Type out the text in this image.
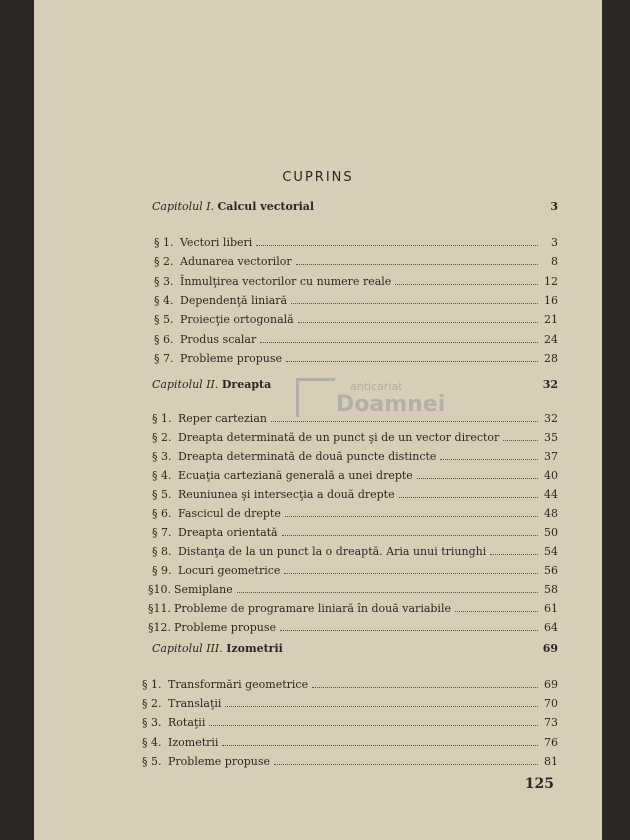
CUPRINS
anticariat
Doamnei
Capitolul I. Calcul vectorial	3
§ 1. Vectori liberi	3
§ 2. Adunarea vectorilor	8
§ 3. Înmulţirea vectorilor cu numere reale	12
§ 4. Dependenţă liniară	16
§ 5. Proiecţie ortogonală	21
§ 6. Produs scalar	24
§ 7. Probleme propuse	28
Capitolul II. Dreapta	32
§ 1. Reper cartezian	32
§ 2. Dreapta determinată de un punct şi de un vector director	35
§ 3. Dreapta determinată de două puncte distincte	37
§ 4. Ecuaţia carteziană generală a unei drepte	40
§ 5. Reuniunea şi intersecţia a două drepte	44
§ 6. Fascicul de drepte	48
§ 7. Dreapta orientată	50
§ 8. Distanţa de la un punct la o dreaptă. Aria unui triunghi	54
§ 9. Locuri geometrice	56
§10. Semiplane	58
§11. Probleme de programare liniară în două variabile	61
§12. Probleme propuse	64
Capitolul III. Izometrii	69
§ 1. Transformări geometrice	69
§ 2. Translaţii	70
§ 3. Rotaţii	73
§ 4. Izometrii	76
§ 5. Probleme propuse	81
125
